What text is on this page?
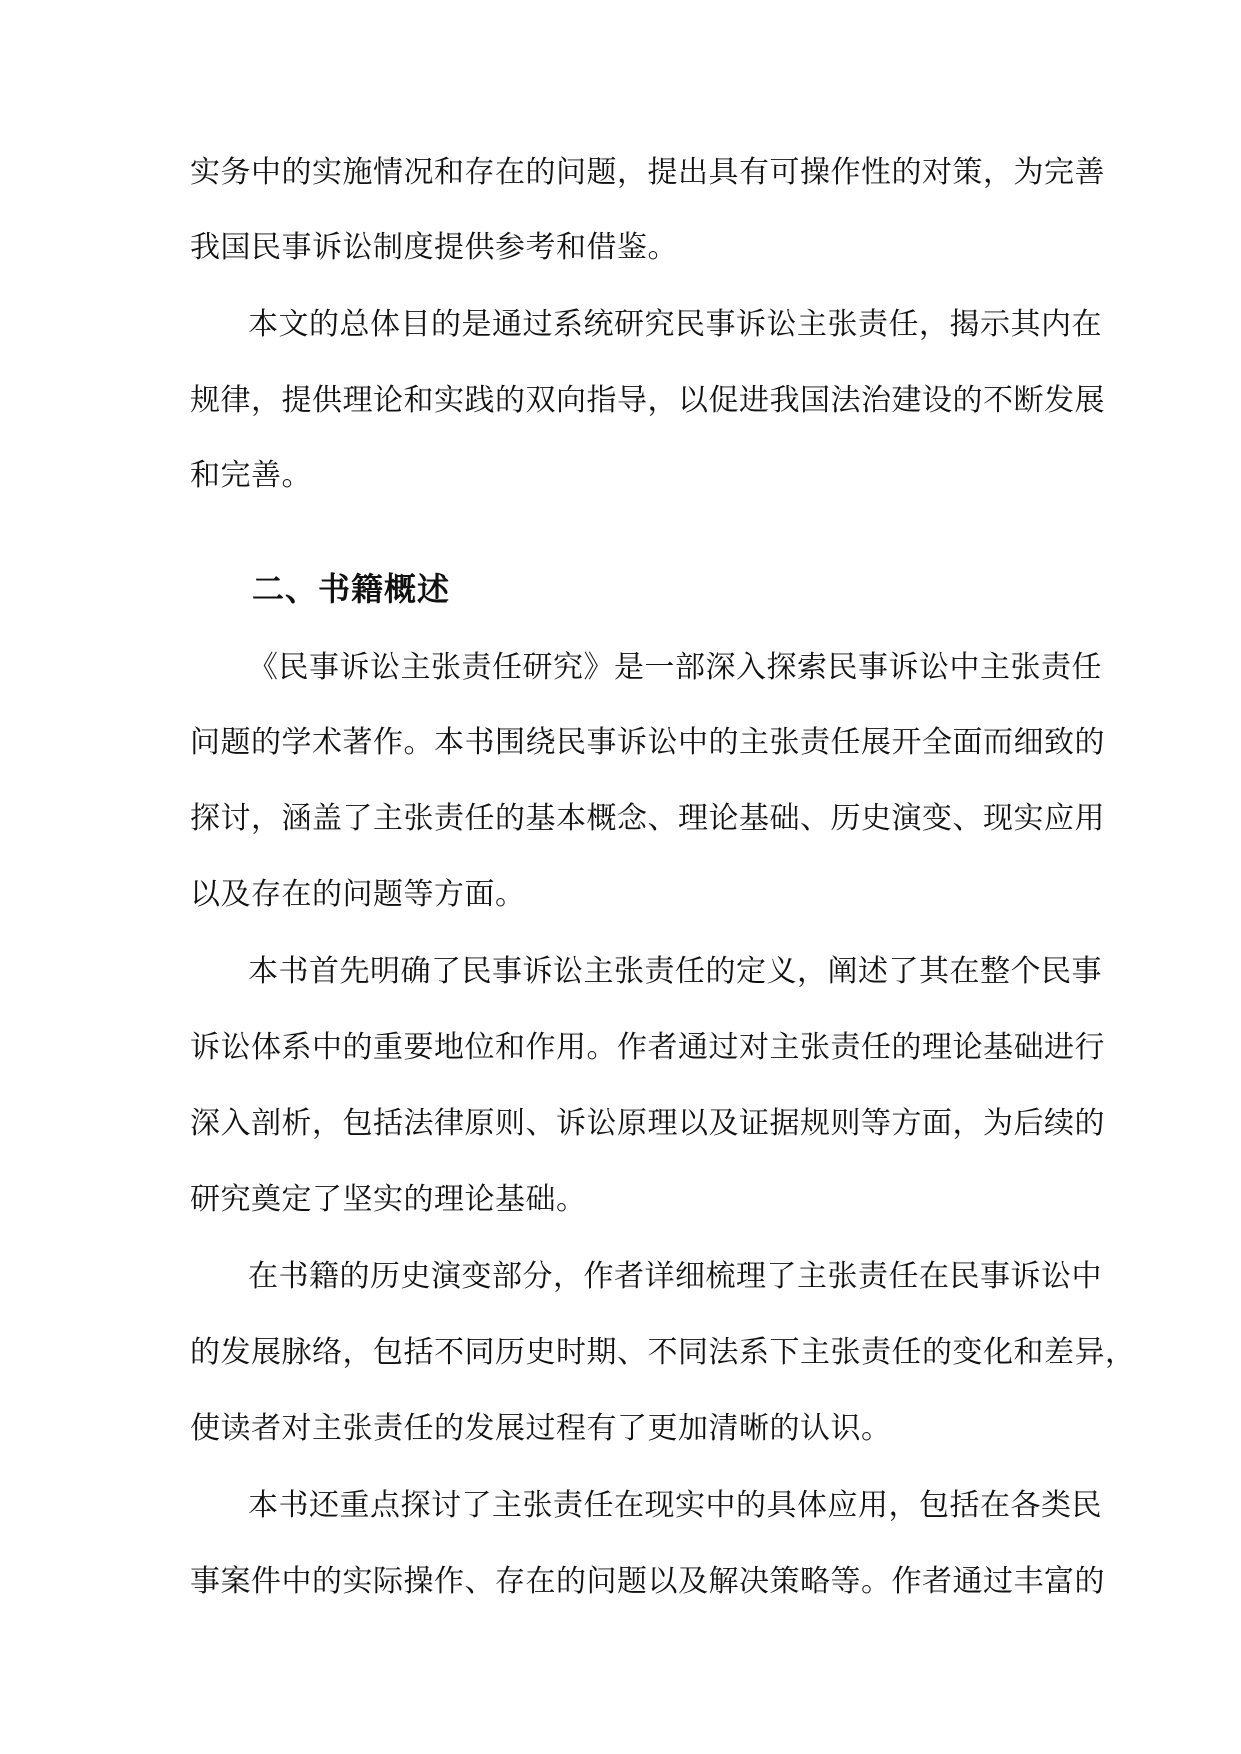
实务中的实施情况和存在的问题，提出具有可操作性的对策，为完善
我国民事诉讼制度提供参考和借鉴。
本文的总体目的是通过系统研究民事诉讼主张责任，揭示其内在
规律，提供理论和实践的双向指导，以促进我国法治建设的不断发展
和完善。
二、书籍概述
《民事诉讼主张责任研究》是一部深入探索民事诉讼中主张责任
问题的学术著作。本书围绕民事诉讼中的主张责任展开全面而细致的
探讨，涵盖了主张责任的基本概念、理论基础、历史演变、现实应用
以及存在的问题等方面。
本书首先明确了民事诉讼主张责任的定义，阐述了其在整个民事
诉讼体系中的重要地位和作用。作者通过对主张责任的理论基础进行
深入剖析，包括法律原则、诉讼原理以及证据规则等方面，为后续的
研究奠定了坚实的理论基础。
在书籍的历史演变部分，作者详细梳理了主张责任在民事诉讼中
的发展脉络，包括不同历史时期、不同法系下主张责任的变化和差异，
使读者对主张责任的发展过程有了更加清晰的认识。
本书还重点探讨了主张责任在现实中的具体应用，包括在各类民
事案件中的实际操作、存在的问题以及解决策略等。作者通过丰富的
